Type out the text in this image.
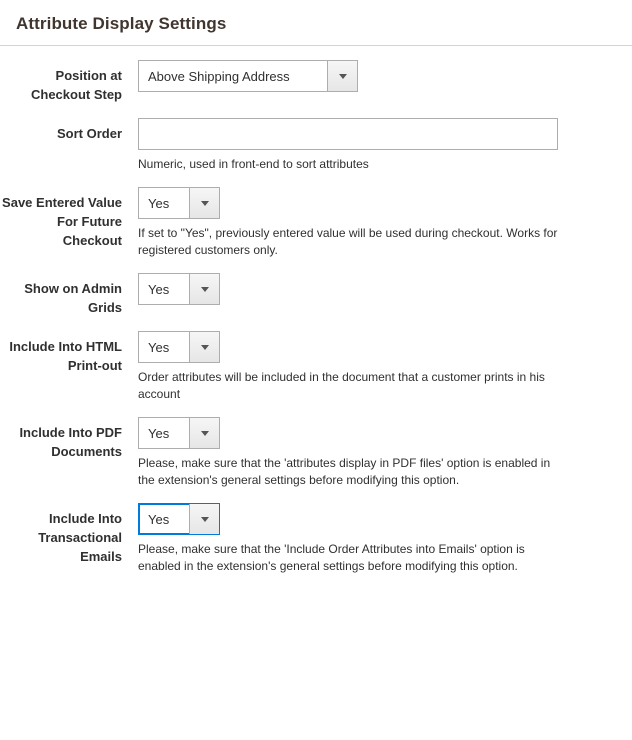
Attribute Display Settings
Position at Checkout Step
Above Shipping Address
Sort Order
Numeric, used in front-end to sort attributes
Save Entered Value For Future Checkout
Yes
If set to "Yes", previously entered value will be used during checkout. Works for registered customers only.
Show on Admin Grids
Yes
Include Into HTML Print-out
Yes
Order attributes will be included in the document that a customer prints in his account
Include Into PDF Documents
Yes
Please, make sure that the 'attributes display in PDF files' option is enabled in the extension's general settings before modifying this option.
Include Into Transactional Emails
Yes
Please, make sure that the 'Include Order Attributes into Emails' option is enabled in the extension's general settings before modifying this option.
